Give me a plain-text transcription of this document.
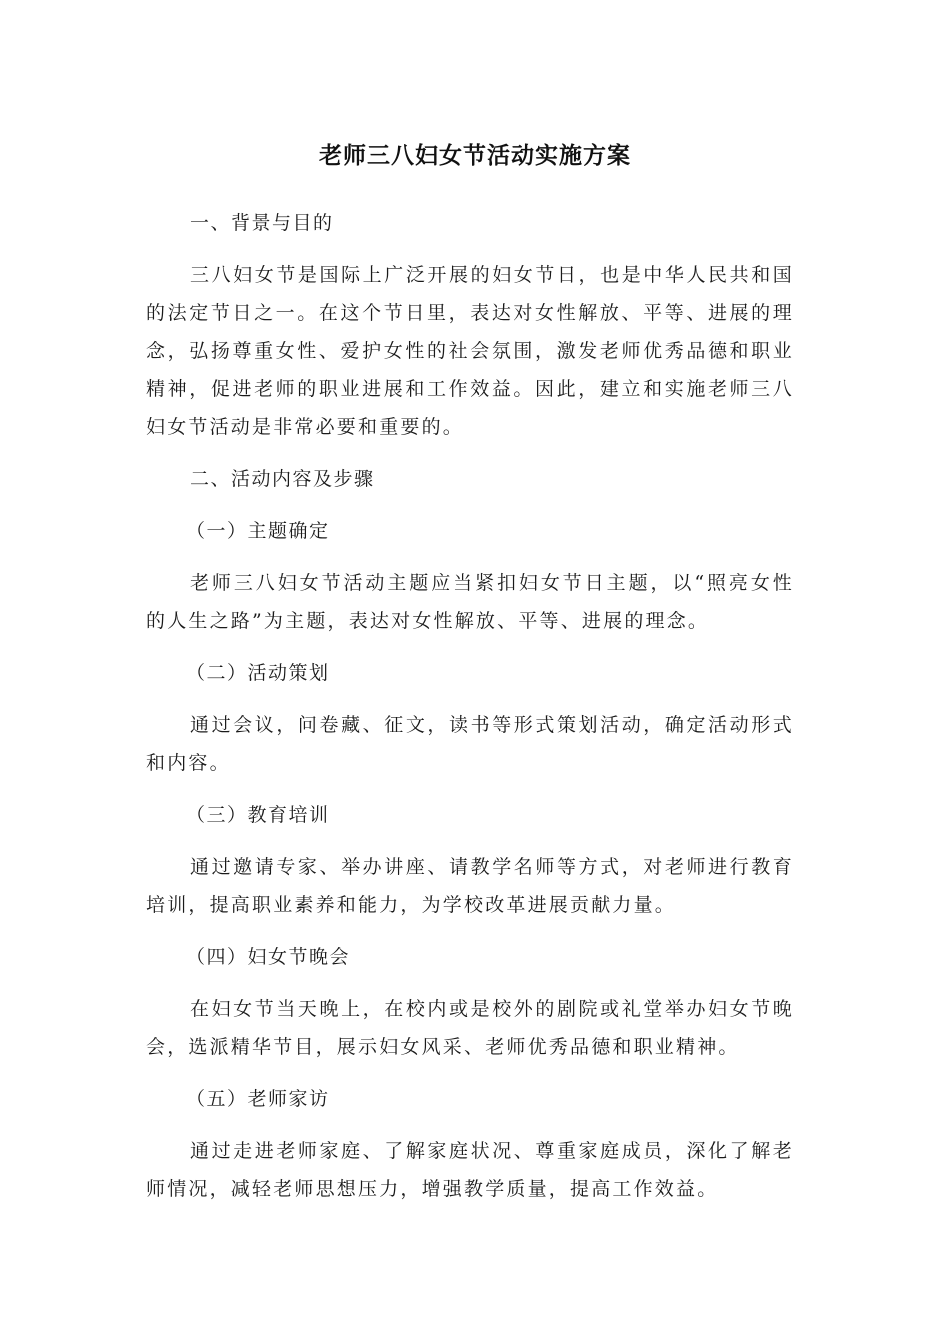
老师三八妇女节活动实施方案

一、背景与目的

三八妇女节是国际上广泛开展的妇女节日，也是中华人民共和国的法定节日之一。在这个节日里，表达对女性解放、平等、进展的理念，弘扬尊重女性、爱护女性的社会氛围，激发老师优秀品德和职业精神，促进老师的职业进展和工作效益。因此，建立和实施老师三八妇女节活动是非常必要和重要的。

二、活动内容及步骤

（一）主题确定

老师三八妇女节活动主题应当紧扣妇女节日主题，以“照亮女性的人生之路”为主题，表达对女性解放、平等、进展的理念。

（二）活动策划

通过会议，问卷藏、征文，读书等形式策划活动，确定活动形式和内容。

（三）教育培训

通过邀请专家、举办讲座、请教学名师等方式，对老师进行教育培训，提高职业素养和能力，为学校改革进展贡献力量。

（四）妇女节晚会

在妇女节当天晚上，在校内或是校外的剧院或礼堂举办妇女节晚会，选派精华节目，展示妇女风采、老师优秀品德和职业精神。

（五）老师家访

通过走进老师家庭、了解家庭状况、尊重家庭成员，深化了解老师情况，减轻老师思想压力，增强教学质量，提高工作效益。
